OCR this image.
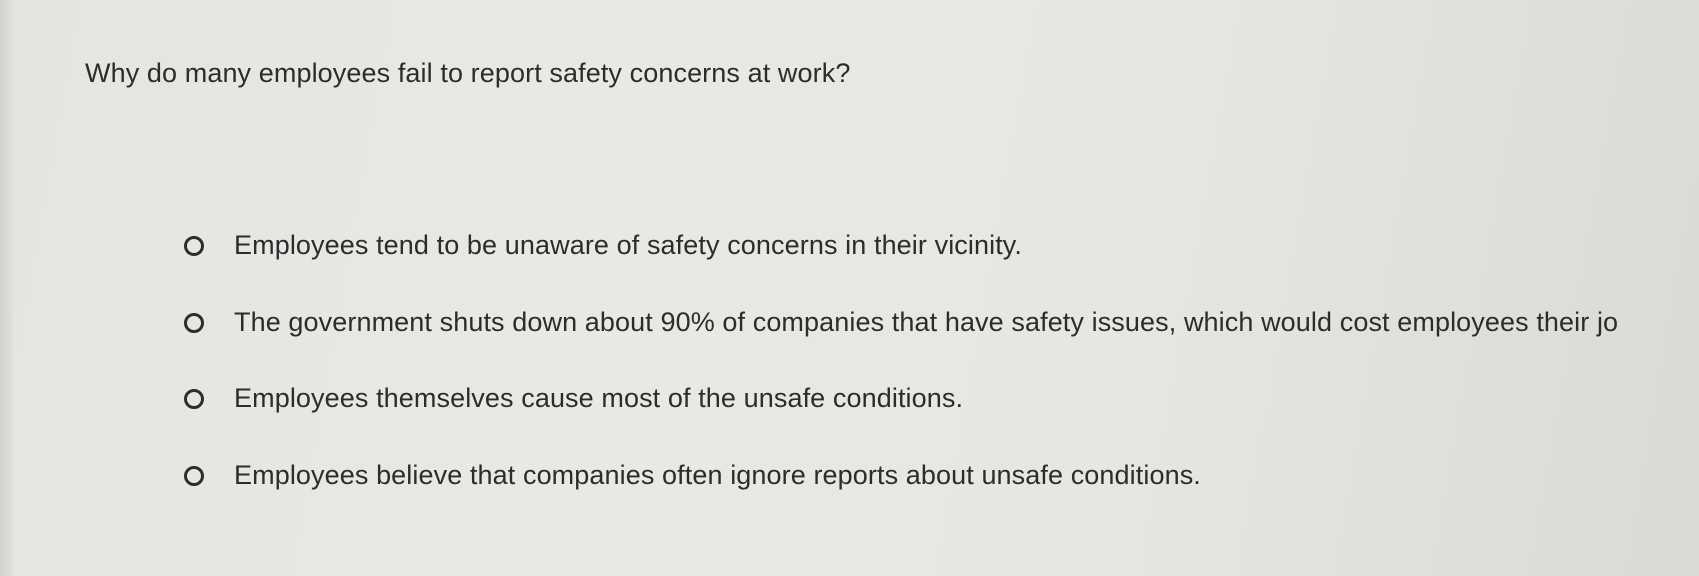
Why do many employees fail to report safety concerns at work?
Employees tend to be unaware of safety concerns in their vicinity.
The government shuts down about 90% of companies that have safety issues, which would cost employees their jo
Employees themselves cause most of the unsafe conditions.
Employees believe that companies often ignore reports about unsafe conditions.
